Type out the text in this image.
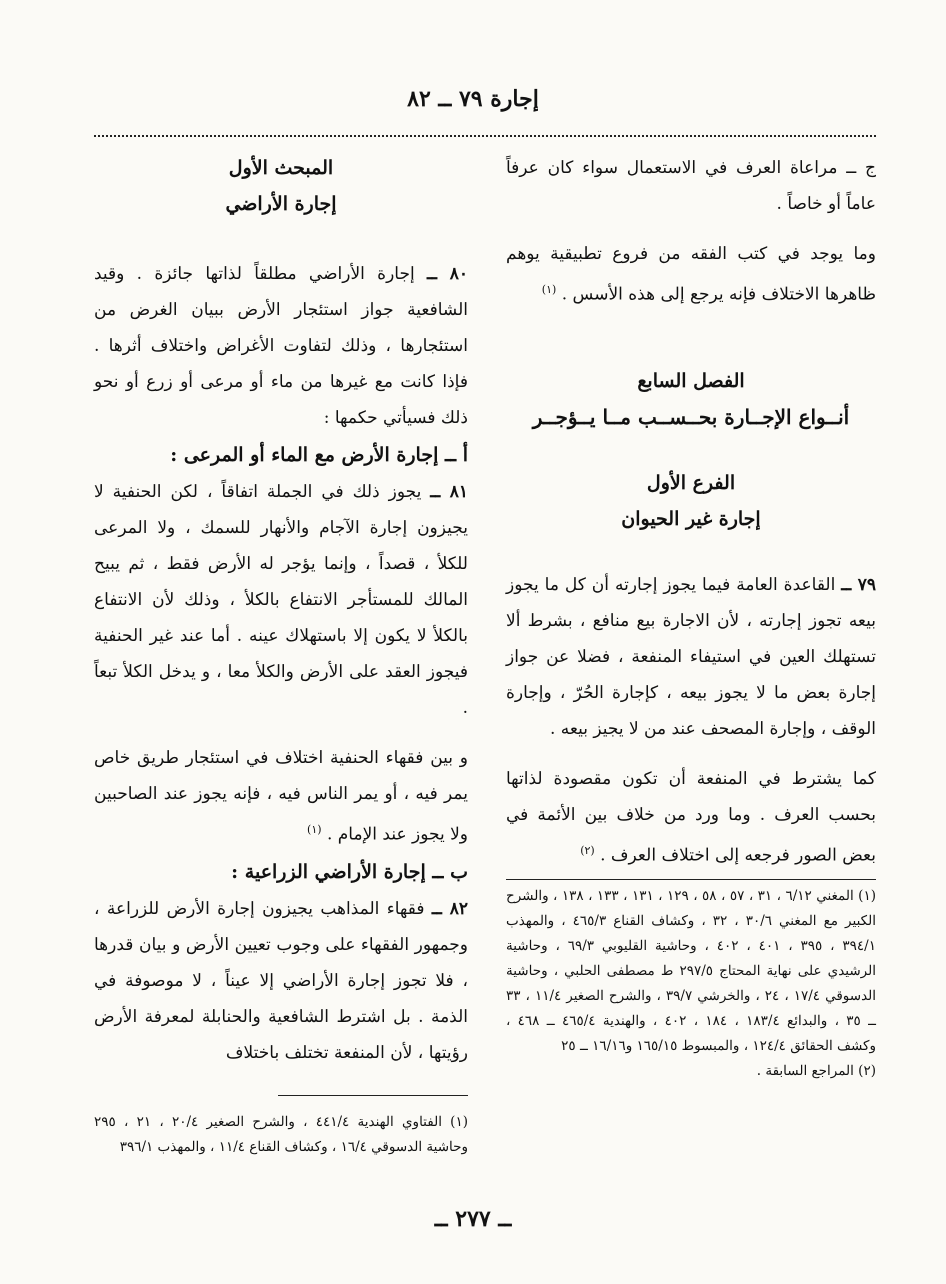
إجارة ٧٩ ــ ٨٢

ج ــ مراعاة العرف في الاستعمال سواء كان عرفاً عاماً أو خاصاً .

وما يوجد في كتب الفقه من فروع تطبيقية يوهم ظاهرها الاختلاف فإنه يرجع إلى هذه الأسس . $^{(١)}$

الفصل السابع

أنــواع الإجــارة بحــســب مــا يــؤجــر

الفرع الأول

إجارة غير الحيوان

٧٩ ــ القاعدة العامة فيما يجوز إجارته أن كل ما يجوز بيعه تجوز إجارته ، لأن الاجارة بيع منافع ، بشرط ألا تستهلك العين في استيفاء المنفعة ، فضلا عن جواز إجارة بعض ما لا يجوز بيعه ، كإجارة الحُرّ ، وإجارة الوقف ، وإجارة المصحف عند من لا يجيز بيعه .

كما يشترط في المنفعة أن تكون مقصودة لذاتها بحسب العرف . وما ورد من خلاف بين الأئمة في بعض الصور فرجعه إلى اختلاف العرف . $^{(٢)}$

(١) المغني ٦/١٢ ، ٣١ ، ٥٧ ، ٥٨ ، ١٢٩ ، ١٣١ ، ١٣٣ ، ١٣٨ ، والشرح الكبير مع المغني ٣٠/٦ ، ٣٢ ، وكشاف القناع ٤٦٥/٣ ، والمهذب ٣٩٤/١ ، ٣٩٥ ، ٤٠١ ، ٤٠٢ ، وحاشية القليوبي ٦٩/٣ ، وحاشية الرشيدي على نهاية المحتاج ٢٩٧/٥ ط مصطفى الحلبي ، وحاشية الدسوقي ١٧/٤ ، ٢٤ ، والخرشي ٣٩/٧ ، والشرح الصغير ١١/٤ ، ٣٣ ــ ٣٥ ، والبدائع ١٨٣/٤ ، ١٨٤ ، ٤٠٢ ، والهندية ٤٦٥/٤ ــ ٤٦٨ ، وكشف الحقائق ١٢٤/٤ ، والمبسوط ١٦٥/١٥ و١٦/١٦ ــ ٢٥

(٢) المراجع السابقة .

المبحث الأول

إجارة الأراضي

٨٠ ــ إجارة الأراضي مطلقاً لذاتها جائزة . وقيد الشافعية جواز استئجار الأرض ببيان الغرض من استئجارها ، وذلك لتفاوت الأغراض واختلاف أثرها . فإذا كانت مع غيرها من ماء أو مرعى أو زرع أو نحو ذلك فسيأتي حكمها :

أ ــ إجارة الأرض مع الماء أو المرعى :

٨١ ــ يجوز ذلك في الجملة اتفاقاً ، لكن الحنفية لا يجيزون إجارة الآجام والأنهار للسمك ، ولا المرعى للكلأ ، قصداً ، وإنما يؤجر له الأرض فقط ، ثم يبيح المالك للمستأجر الانتفاع بالكلأ ، وذلك لأن الانتفاع بالكلأ لا يكون إلا باستهلاك عينه . أما عند غير الحنفية فيجوز العقد على الأرض والكلأ معا ، و يدخل الكلأ تبعاً .

و بين فقهاء الحنفية اختلاف في استئجار طريق خاص يمر فيه ، أو يمر الناس فيه ، فإنه يجوز عند الصاحبين ولا يجوز عند الإمام . $^{(١)}$

ب ــ إجارة الأراضي الزراعية :

٨٢ ــ فقهاء المذاهب يجيزون إجارة الأرض للزراعة ، وجمهور الفقهاء على وجوب تعيين الأرض و بيان قدرها ، فلا تجوز إجارة الأراضي إلا عيناً ، لا موصوفة في الذمة . بل اشترط الشافعية والحنابلة لمعرفة الأرض رؤيتها ، لأن المنفعة تختلف باختلاف

(١) الفتاوي الهندية ٤٤١/٤ ، والشرح الصغير ٢٠/٤ ، ٢١ ، ٢٩٥ وحاشية الدسوقي ١٦/٤ ، وكشاف القناع ١١/٤ ، والمهذب ٣٩٦/١

ــ ٢٧٧ ــ
